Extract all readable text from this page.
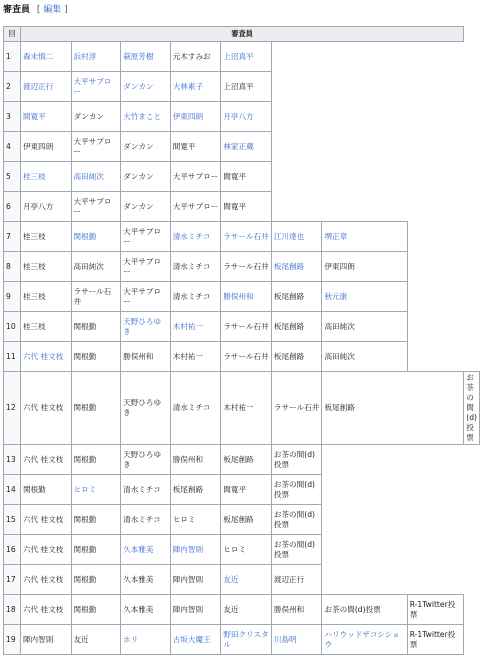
審査員 [ 編集 ]
回	審査員								
1	森末慎二	浜村淳	萩原芳樹	元木すみお	上沼真平				
2	渡辺正行	大平サブロー	ダンカン	大林素子	上沼真平				
3	間寛平	ダンカン	大竹まこと	伊東四朗	月亭八方				
4	伊東四朗	大平サブロー	ダンカン	間寛平	林家正蔵				
5	桂三枝	高田純次	ダンカン	大平サブロー	間寛平				
6	月亭八方	大平サブロー	ダンカン	大平サブロー	間寛平				
7	桂三枝	関根勤	大平サブロー	清水ミチコ	ラサール石井	江川達也	堺正章		
8	桂三枝	高田純次	大平サブロー	清水ミチコ	ラサール石井	板尾創路	伊東四朗		
9	桂三枝	ラサール石井	大平サブロー	清水ミチコ	勝俣州和	板尾創路	秋元康		
10	桂三枝	関根勤	天野ひろゆき	木村祐一	ラサール石井	板尾創路	高田純次		
11	六代 桂文枝	関根勤	勝俣州和	木村祐一	ラサール石井	板尾創路	高田純次		
12	六代 桂文枝	関根勤	天野ひろゆき	清水ミチコ	木村祐一	ラサール石井	板尾創路		お茶の間(d)投票
13	六代 桂文枝	関根勤	天野ひろゆき	勝俣州和	板尾創路	お茶の間(d)投票			
14	関根勤	ヒロミ	清水ミチコ	板尾創路	間寛平	お茶の間(d)投票			
15	六代 桂文枝	関根勤	清水ミチコ	ヒロミ	板尾創路	お茶の間(d)投票			
16	六代 桂文枝	関根勤	久本雅美	陣内智則	ヒロミ	お茶の間(d)投票			
17	六代 桂文枝	関根勤	久本雅美	陣内智則	友近	渡辺正行			
18	六代 桂文枝	関根勤	久本雅美	陣内智則	友近	勝俣州和	お茶の間(d)投票	R-1Twitter投票	
19	陣内智則	友近	ホリ	古坂大魔王	野田クリスタル	川島明	ハリウッドザコシショウ	R-1Twitter投票	
